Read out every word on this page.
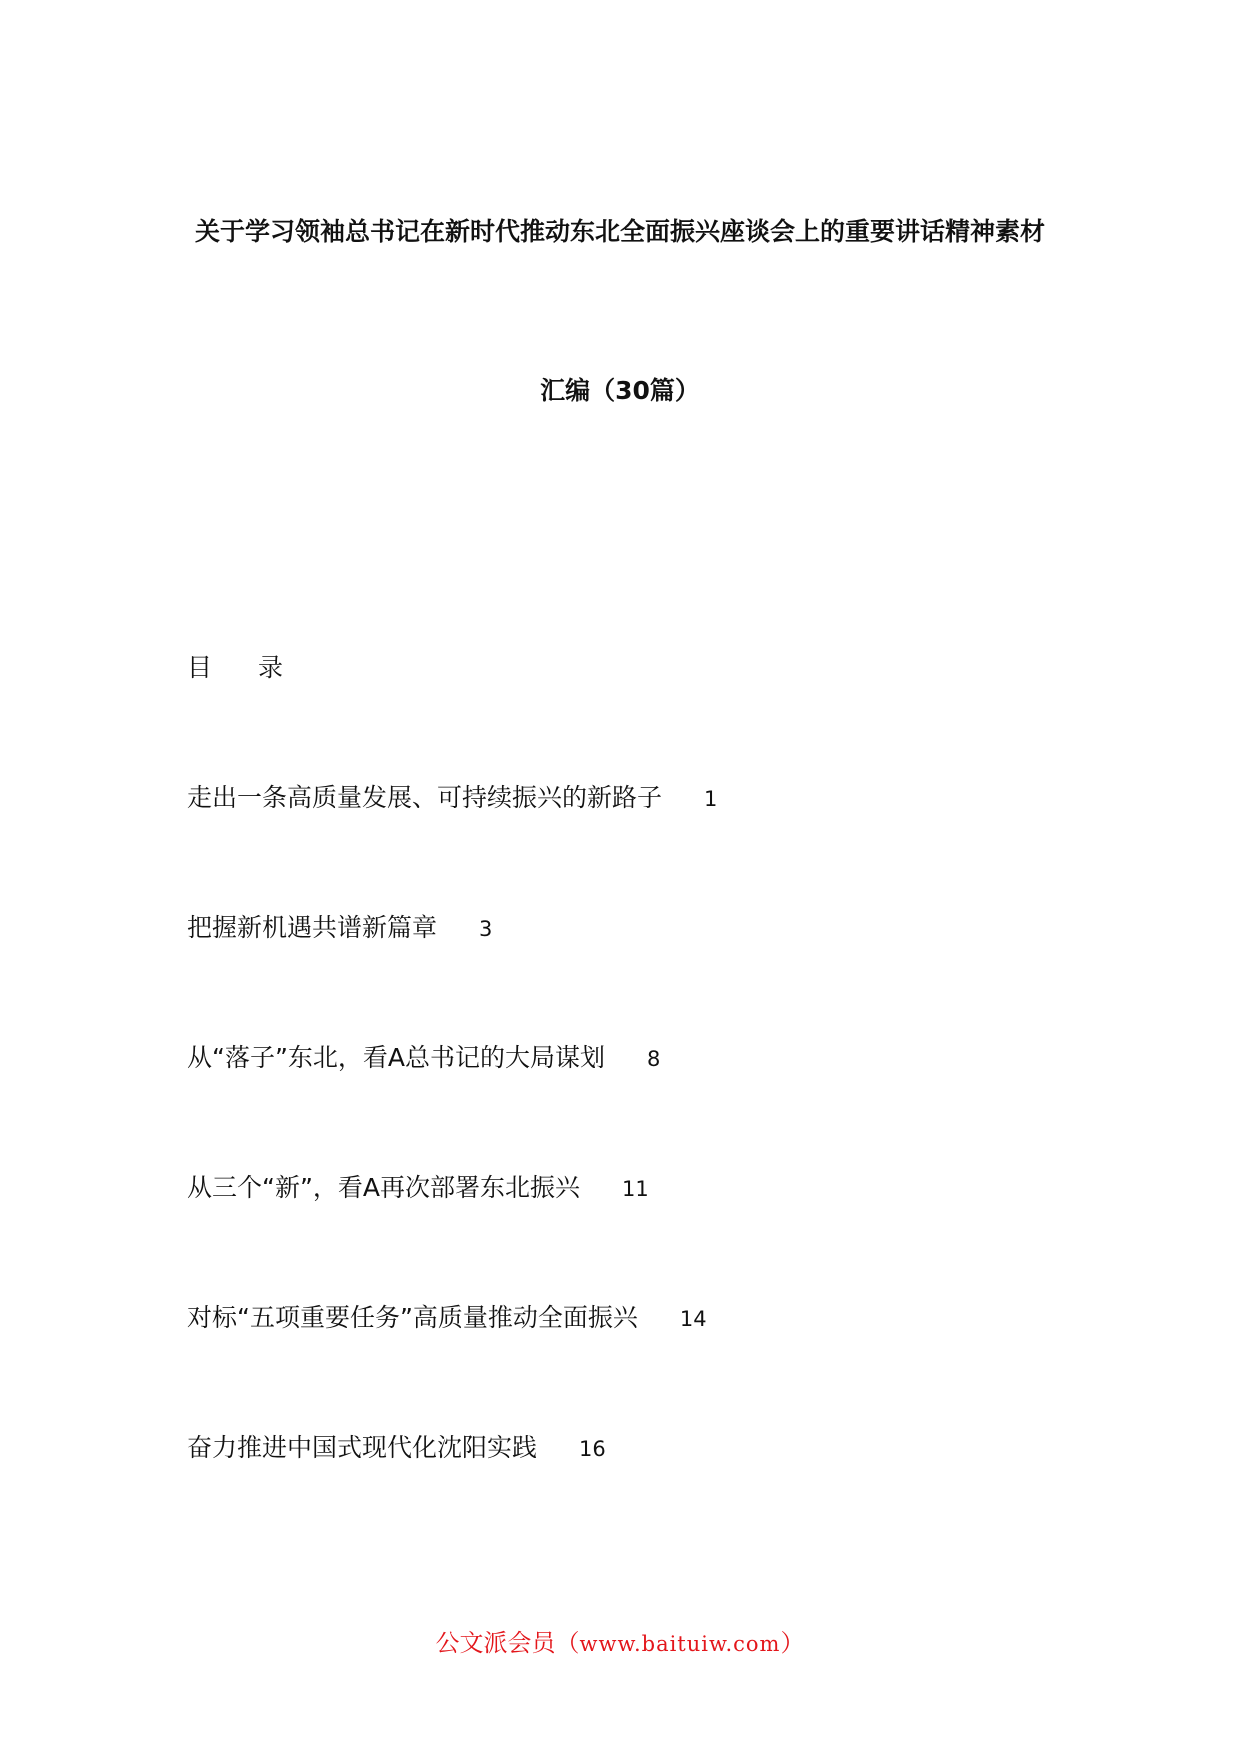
关于学习领袖总书记在新时代推动东北全面振兴座谈会上的重要讲话精神素材
汇编（30篇）
目 录
走出一条高质量发展、可持续振兴的新路子 1
把握新机遇共谱新篇章 3
从“落子”东北，看A总书记的大局谋划 8
从三个“新”，看A再次部署东北振兴 11
对标“五项重要任务”高质量推动全面振兴 14
奋力推进中国式现代化沈阳实践 16
公文派会员（www.baituiw.com）
